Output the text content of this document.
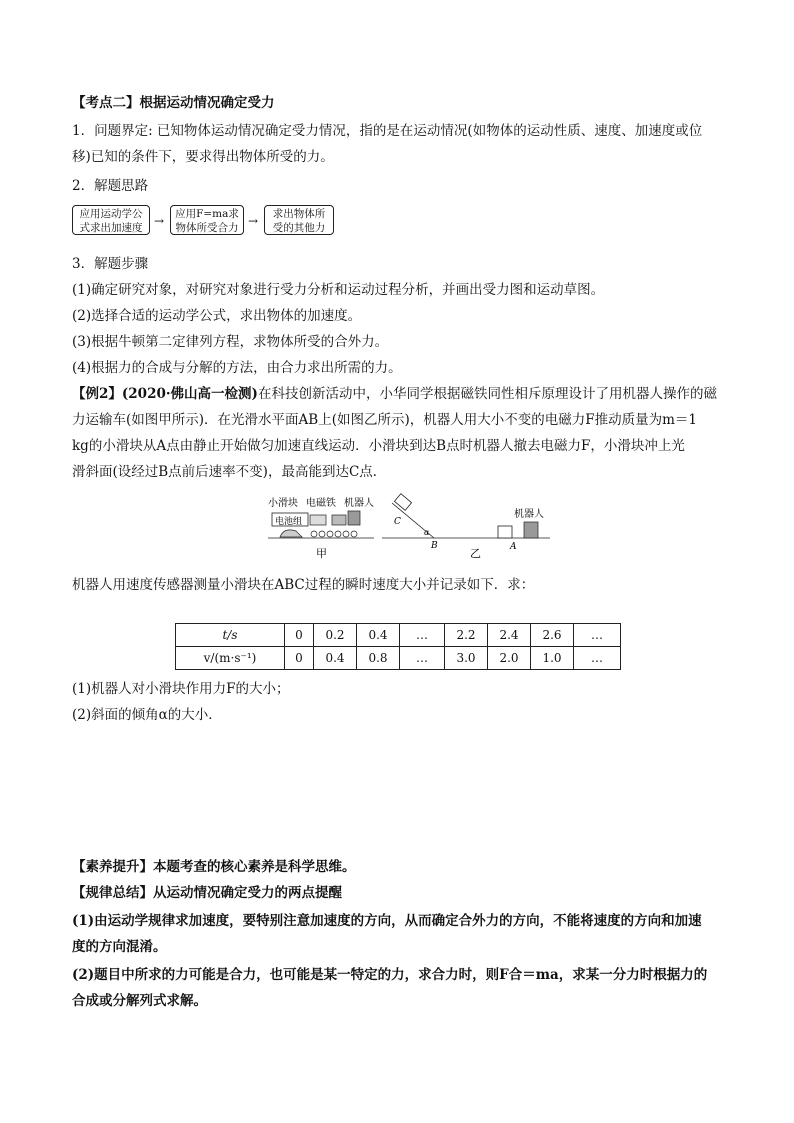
【考点二】根据运动情况确定受力
1．问题界定: 已知物体运动情况确定受力情况，指的是在运动情况(如物体的运动性质、速度、加速度或位
移)已知的条件下，要求得出物体所受的力。
2．解题思路
应用运动学公
式求出加速度 →	应用F=ma求
物体所受合力 →	求出物体所
受的其他力
3．解题步骤
(1)确定研究对象，对研究对象进行受力分析和运动过程分析，并画出受力图和运动草图。
(2)选择合适的运动学公式，求出物体的加速度。
(3)根据牛顿第二定律列方程，求物体所受的合外力。
(4)根据力的合成与分解的方法，由合力求出所需的力。
【例2】(2020·佛山高一检测)在科技创新活动中，小华同学根据磁铁同性相斥原理设计了用机器人操作的磁
力运输车(如图甲所示)．在光滑水平面AB上(如图乙所示)，机器人用大小不变的电磁力F推动质量为m＝1
kg的小滑块从A点由静止开始做匀加速直线运动．小滑块到达B点时机器人撤去电磁力F，小滑块冲上光
滑斜面(设经过B点前后速率不变)，最高能到达C点．
小滑块 电磁铁 机器人
电池组
甲
C
α
B
机器人
A
乙
机器人用速度传感器测量小滑块在ABC过程的瞬时速度大小并记录如下．求：
t/s	0	0.2	0.4	…	2.2	2.4	2.6	…
v/(m·s⁻¹)	0	0.4	0.8	…	3.0	2.0	1.0	…
(1)机器人对小滑块作用力F的大小；
(2)斜面的倾角α的大小．
【素养提升】本题考查的核心素养是科学思维。
【规律总结】从运动情况确定受力的两点提醒
(1)由运动学规律求加速度，要特别注意加速度的方向，从而确定合外力的方向，不能将速度的方向和加速
度的方向混淆。
(2)题目中所求的力可能是合力，也可能是某一特定的力，求合力时，则F合＝ma，求某一分力时根据力的
合成或分解列式求解。
